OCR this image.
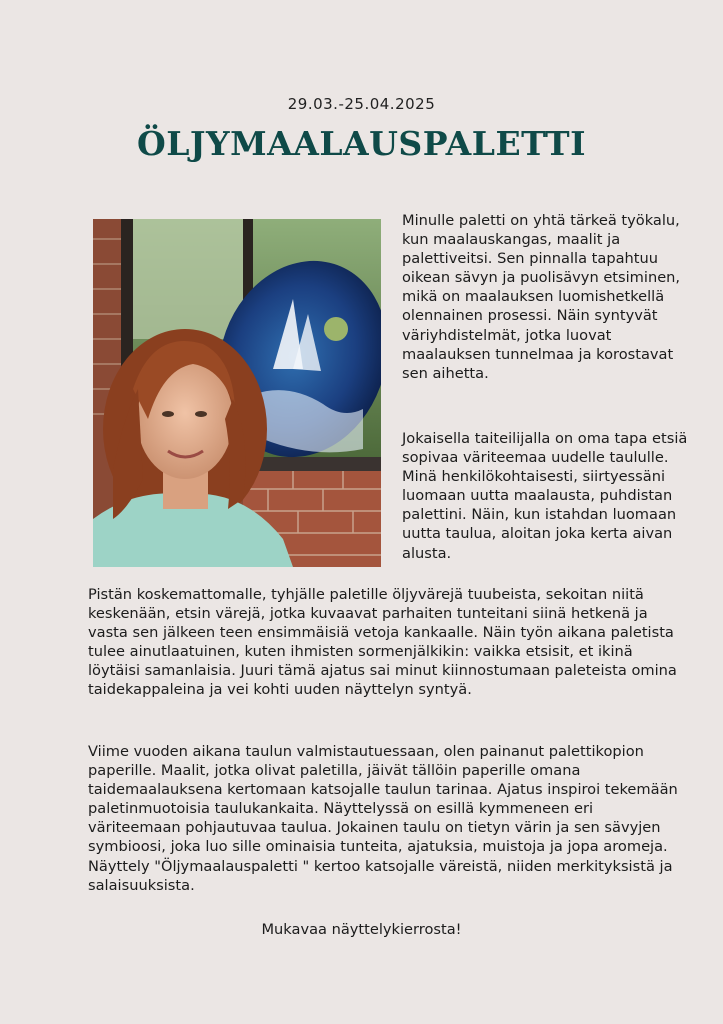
29.03.-25.04.2025
ÖLJYMAALAUSPALETTI
Minulle paletti on yhtä tärkeä työkalu, kun maalauskangas, maalit ja palettiveitsi. Sen pinnalla tapahtuu oikean sävyn ja puolisävyn etsiminen, mikä on maalauksen luomishetkellä olennainen prosessi. Näin syntyvät väriyhdistelmät, jotka luovat maalauksen tunnelmaa ja korostavat sen aihetta.
Jokaisella taiteilijalla on oma tapa etsiä sopivaa väriteemaa uudelle taululle. Minä henkilökohtaisesti, siirtyessäni luomaan uutta maalausta, puhdistan palettini. Näin, kun istahdan luomaan uutta taulua, aloitan joka kerta aivan alusta.
Pistän koskemattomalle, tyhjälle paletille öljyvärejä tuubeista, sekoitan niitä keskenään, etsin värejä, jotka kuvaavat parhaiten tunteitani siinä hetkenä ja vasta sen jälkeen teen ensimmäisiä vetoja kankaalle. Näin työn aikana paletista tulee ainutlaatuinen, kuten ihmisten sormenjälkikin: vaikka etsisit, et ikinä löytäisi samanlaisia. Juuri tämä ajatus sai minut kiinnostumaan paleteista omina taidekappaleina ja vei kohti uuden näyttelyn syntyä.
Viime vuoden aikana taulun valmistautuessaan, olen painanut palettikopion paperille. Maalit, jotka olivat paletilla, jäivät tällöin paperille omana taidemaalauksena kertomaan katsojalle taulun tarinaa. Ajatus inspiroi tekemään paletinmuotoisia taulukankaita. Näyttelyssä on esillä kymmeneen eri väriteemaan pohjautuvaa taulua. Jokainen taulu on tietyn värin ja sen sävyjen symbioosi, joka luo sille ominaisia tunteita, ajatuksia, muistoja ja jopa aromeja. Näyttely "Öljymaalauspaletti " kertoo katsojalle väreistä, niiden merkityksistä ja salaisuuksista.
Mukavaa näyttelykierrosta!
